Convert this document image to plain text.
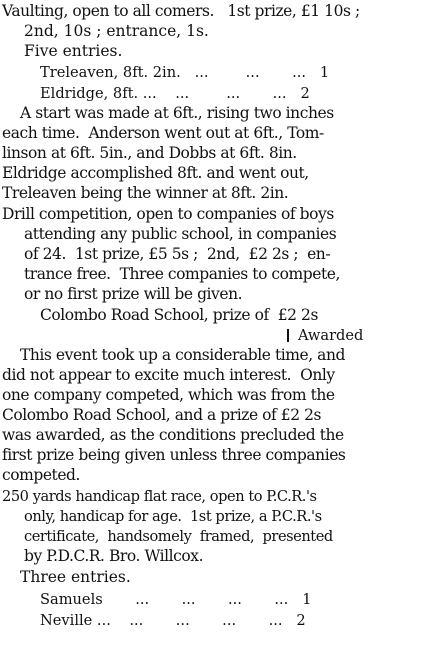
Vaulting, open to all comers.   1st prize, £1 10s ;
2nd, 10s ; entrance, 1s.
Five entries.
Treleaven, 8ft. 2in.   ...        ...       ...   1
Eldridge, 8ft. ...    ...        ...       ...   2
A start was made at 6ft., rising two inches
each time.  Anderson went out at 6ft., Tom-
linson at 6ft. 5in., and Dobbs at 6ft. 8in.
Eldridge accomplished 8ft. and went out,
Treleaven being the winner at 8ft. 2in.
Drill competition, open to companies of boys
attending any public school, in companies
of 24.  1st prize, £5 5s ;  2nd,  £2 2s ;  en-
trance free.  Three companies to compete,
or no first prize will be given.
Colombo Road School, prize of  £2 2s
Awarded
This event took up a considerable time, and
did not appear to excite much interest.  Only
one company competed, which was from the
Colombo Road School, and a prize of £2 2s
was awarded, as the conditions precluded the
first prize being given unless three companies
competed.
250 yards handicap flat race, open to P.C.R.'s
only, handicap for age.  1st prize, a P.C.R.'s
certificate,  handsomely  framed,  presented
by P.D.C.R. Bro. Willcox.
Three entries.
Samuels       ...       ...       ...       ...   1
Neville ...    ...       ...       ...       ...   2
